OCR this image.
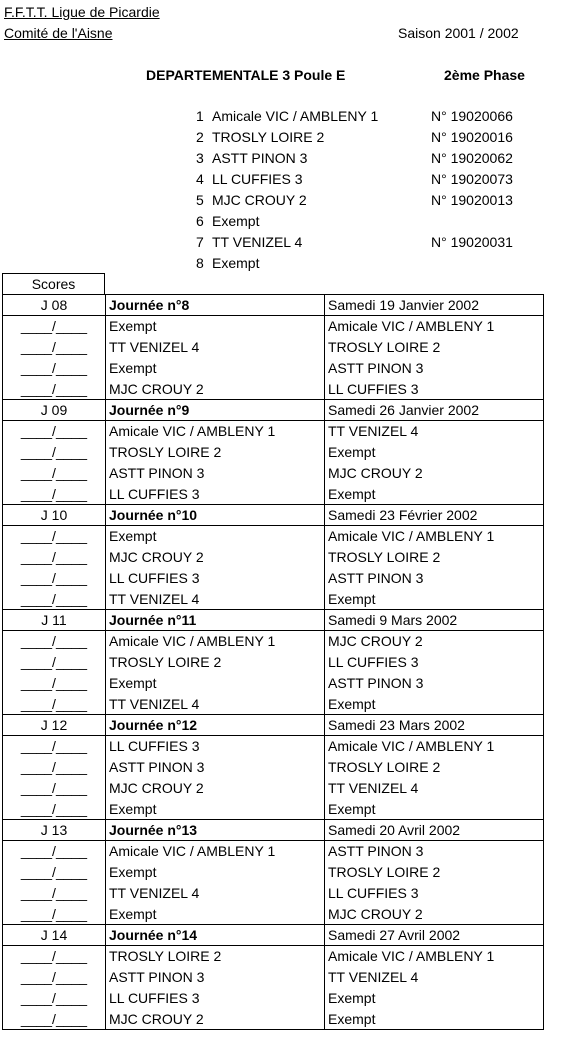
F.F.T.T. Ligue de Picardie
Comité de l'Aisne	Saison 2001 / 2002
DEPARTEMENTALE 3 Poule E	2ème Phase
1 Amicale VIC / AMBLENY 1	N° 19020066
2 TROSLY LOIRE 2	N° 19020016
3 ASTT PINON 3	N° 19020062
4 LL CUFFIES 3	N° 19020073
5 MJC CROUY 2	N° 19020013
6 Exempt
7 TT VENIZEL 4	N° 19020031
8 Exempt
Scores
J 08	Journée n°8	Samedi 19 Janvier 2002
____/____	Exempt	Amicale VIC / AMBLENY 1
____/____	TT VENIZEL 4	TROSLY LOIRE 2
____/____	Exempt	ASTT PINON 3
____/____	MJC CROUY 2	LL CUFFIES 3
J 09	Journée n°9	Samedi 26 Janvier 2002
____/____	Amicale VIC / AMBLENY 1	TT VENIZEL 4
____/____	TROSLY LOIRE 2	Exempt
____/____	ASTT PINON 3	MJC CROUY 2
____/____	LL CUFFIES 3	Exempt
J 10	Journée n°10	Samedi 23 Février 2002
____/____	Exempt	Amicale VIC / AMBLENY 1
____/____	MJC CROUY 2	TROSLY LOIRE 2
____/____	LL CUFFIES 3	ASTT PINON 3
____/____	TT VENIZEL 4	Exempt
J 11	Journée n°11	Samedi 9 Mars 2002
____/____	Amicale VIC / AMBLENY 1	MJC CROUY 2
____/____	TROSLY LOIRE 2	LL CUFFIES 3
____/____	Exempt	ASTT PINON 3
____/____	TT VENIZEL 4	Exempt
J 12	Journée n°12	Samedi 23 Mars 2002
____/____	LL CUFFIES 3	Amicale VIC / AMBLENY 1
____/____	ASTT PINON 3	TROSLY LOIRE 2
____/____	MJC CROUY 2	TT VENIZEL 4
____/____	Exempt	Exempt
J 13	Journée n°13	Samedi 20 Avril 2002
____/____	Amicale VIC / AMBLENY 1	ASTT PINON 3
____/____	Exempt	TROSLY LOIRE 2
____/____	TT VENIZEL 4	LL CUFFIES 3
____/____	Exempt	MJC CROUY 2
J 14	Journée n°14	Samedi 27 Avril 2002
____/____	TROSLY LOIRE 2	Amicale VIC / AMBLENY 1
____/____	ASTT PINON 3	TT VENIZEL 4
____/____	LL CUFFIES 3	Exempt
____/____	MJC CROUY 2	Exempt
